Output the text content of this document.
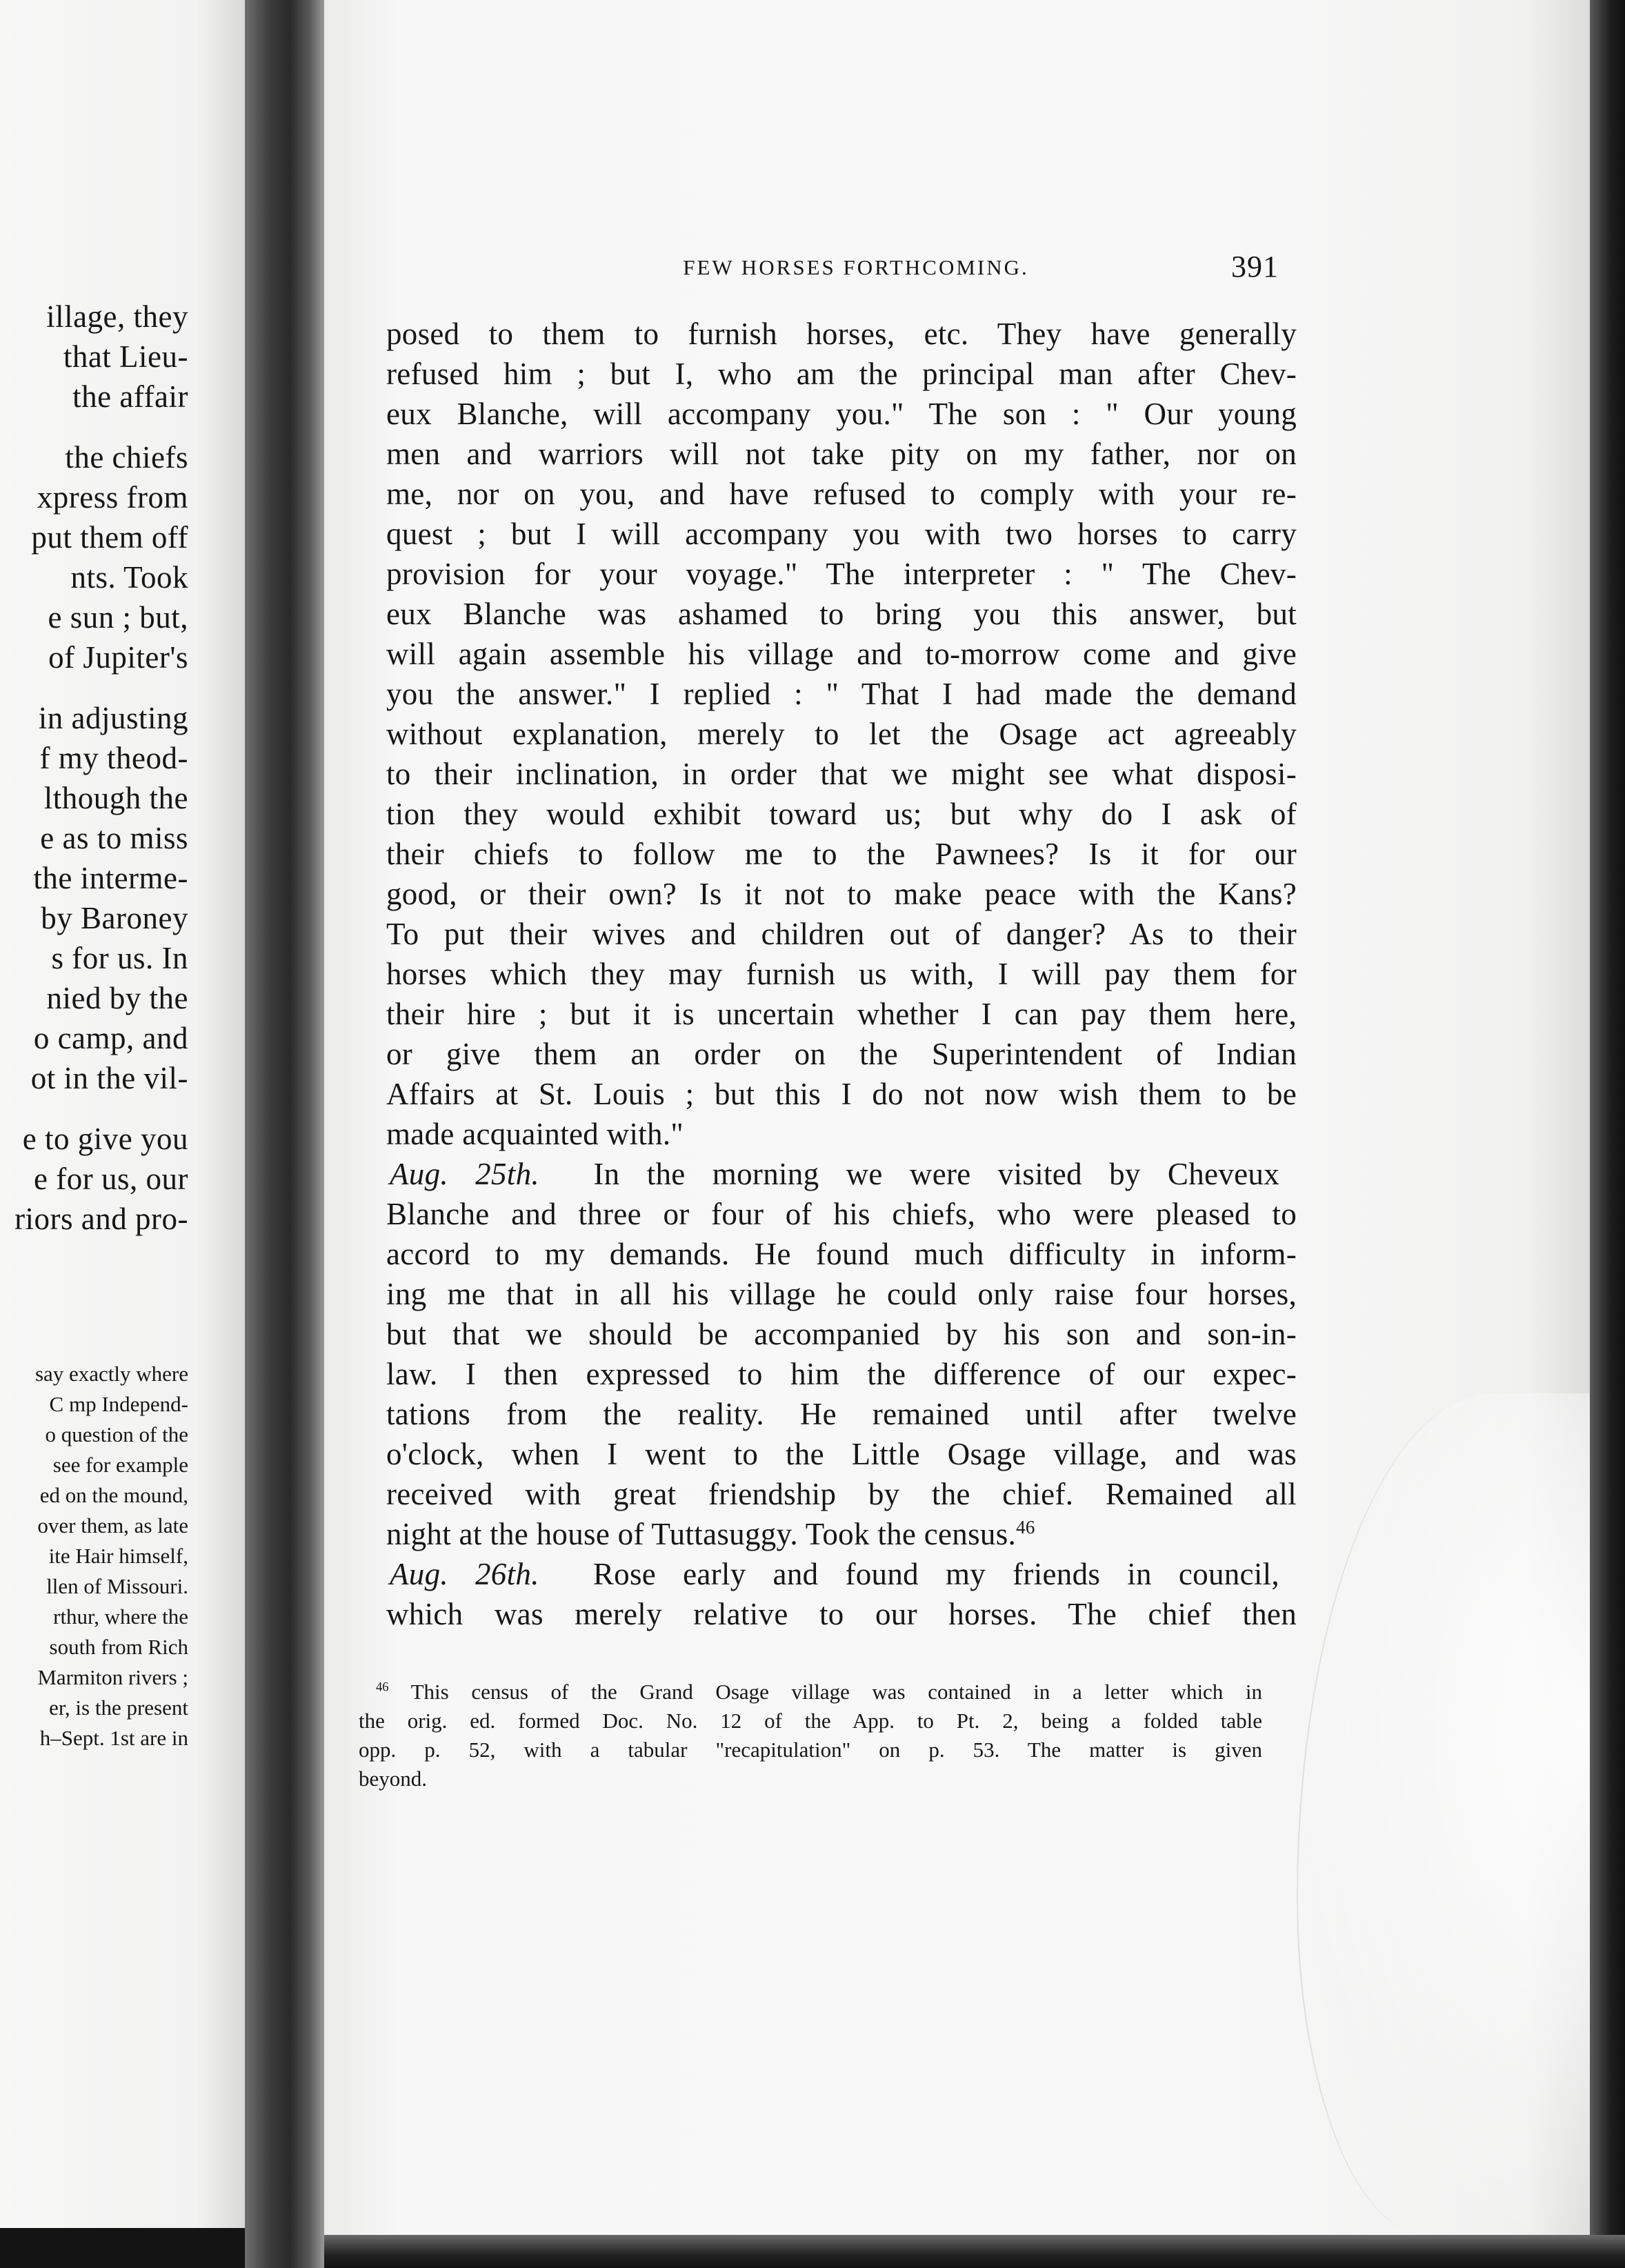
illage, they
that Lieu-
the affair
the chiefs
xpress from
put them off
nts. Took
e sun ; but,
of Jupiter's
in adjusting
f my theod-
lthough the
e as to miss
the interme-
by Baroney
s for us. In
nied by the
o camp, and
ot in the vil-
e to give you
e for us, our
riors and pro-
say exactly where
C mp Independ-
o question of the
see for example
ed on the mound,
over them, as late
ite Hair himself,
llen of Missouri.
rthur, where the
south from Rich
Marmiton rivers ;
er, is the present
h–Sept. 1st are in
FEW HORSES FORTHCOMING.	391
posed to them to furnish horses, etc. They have generally
refused him ; but I, who am the principal man after Chev-
eux Blanche, will accompany you." The son : " Our young
men and warriors will not take pity on my father, nor on
me, nor on you, and have refused to comply with your re-
quest ; but I will accompany you with two horses to carry
provision for your voyage." The interpreter : " The Chev-
eux Blanche was ashamed to bring you this answer, but
will again assemble his village and to-morrow come and give
you the answer." I replied : " That I had made the demand
without explanation, merely to let the Osage act agreeably
to their inclination, in order that we might see what disposi-
tion they would exhibit toward us; but why do I ask of
their chiefs to follow me to the Pawnees? Is it for our
good, or their own? Is it not to make peace with the Kans?
To put their wives and children out of danger? As to their
horses which they may furnish us with, I will pay them for
their hire ; but it is uncertain whether I can pay them here,
or give them an order on the Superintendent of Indian
Affairs at St. Louis ; but this I do not now wish them to be
made acquainted with."
Aug. 25th. In the morning we were visited by Cheveux
Blanche and three or four of his chiefs, who were pleased to
accord to my demands. He found much difficulty in inform-
ing me that in all his village he could only raise four horses,
but that we should be accompanied by his son and son-in-
law. I then expressed to him the difference of our expec-
tations from the reality. He remained until after twelve
o'clock, when I went to the Little Osage village, and was
received with great friendship by the chief. Remained all
night at the house of Tuttasuggy. Took the census.$^{46}$
Aug. 26th. Rose early and found my friends in council,
which was merely relative to our horses. The chief then
$^{46}$ This census of the Grand Osage village was contained in a letter which in
the orig. ed. formed Doc. No. 12 of the App. to Pt. 2, being a folded table
opp. p. 52, with a tabular "recapitulation" on p. 53. The matter is given
beyond.
